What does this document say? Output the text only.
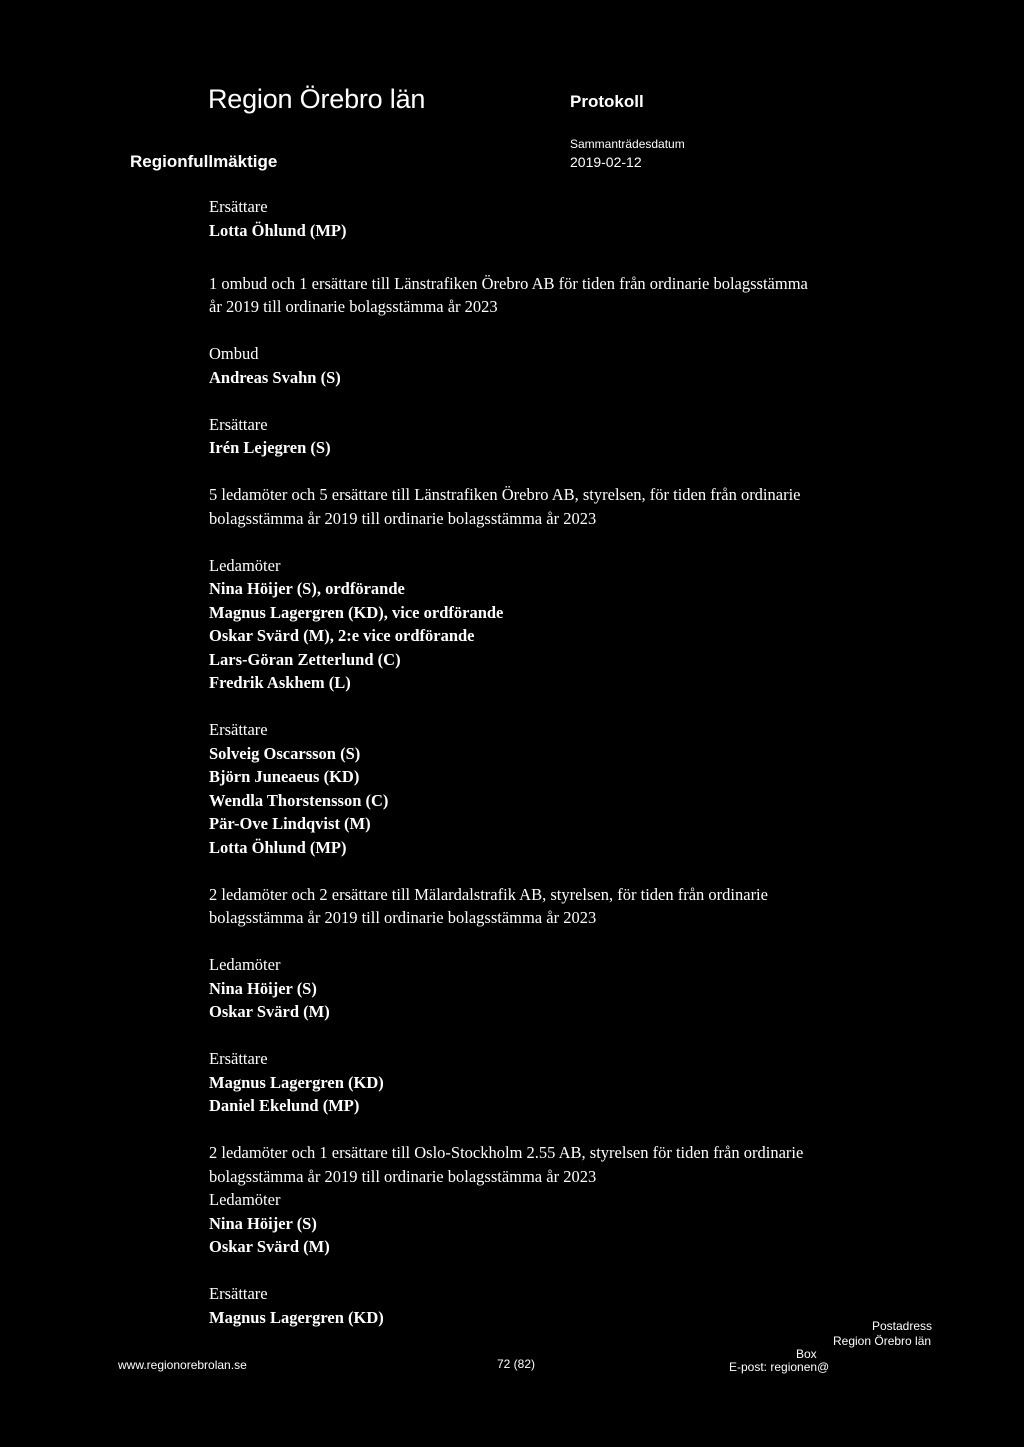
Region Örebro län	Protokoll
Regionfullmäktige
Sammanträdesdatum
2019-02-12
Ersättare
Lotta Öhlund (MP)
1 ombud och 1 ersättare till Länstrafiken Örebro AB för tiden från ordinarie bolagsstämma
år 2019 till ordinarie bolagsstämma år 2023
Ombud
Andreas Svahn (S)
Ersättare
Irén Lejegren (S)
5 ledamöter och 5 ersättare till Länstrafiken Örebro AB, styrelsen, för tiden från ordinarie
bolagsstämma år 2019 till ordinarie bolagsstämma år 2023
Ledamöter
Nina Höijer (S), ordförande
Magnus Lagergren (KD), vice ordförande
Oskar Svärd (M), 2:e vice ordförande
Lars-Göran Zetterlund (C)
Fredrik Askhem (L)
Ersättare
Solveig Oscarsson (S)
Björn Juneaeus (KD)
Wendla Thorstensson (C)
Pär-Ove Lindqvist (M)
Lotta Öhlund (MP)
2 ledamöter och 2 ersättare till Mälardalstrafik AB, styrelsen, för tiden från ordinarie
bolagsstämma år 2019 till ordinarie bolagsstämma år 2023
Ledamöter
Nina Höijer (S)
Oskar Svärd (M)
Ersättare
Magnus Lagergren (KD)
Daniel Ekelund (MP)
2 ledamöter och 1 ersättare till Oslo-Stockholm 2.55 AB, styrelsen för tiden från ordinarie
bolagsstämma år 2019 till ordinarie bolagsstämma år 2023
Ledamöter
Nina Höijer (S)
Oskar Svärd (M)
Ersättare
Magnus Lagergren (KD)	Postadress
Region Örebro län
Box
www.regionorebrolan.se	72 (82)	E-post: regionen@
